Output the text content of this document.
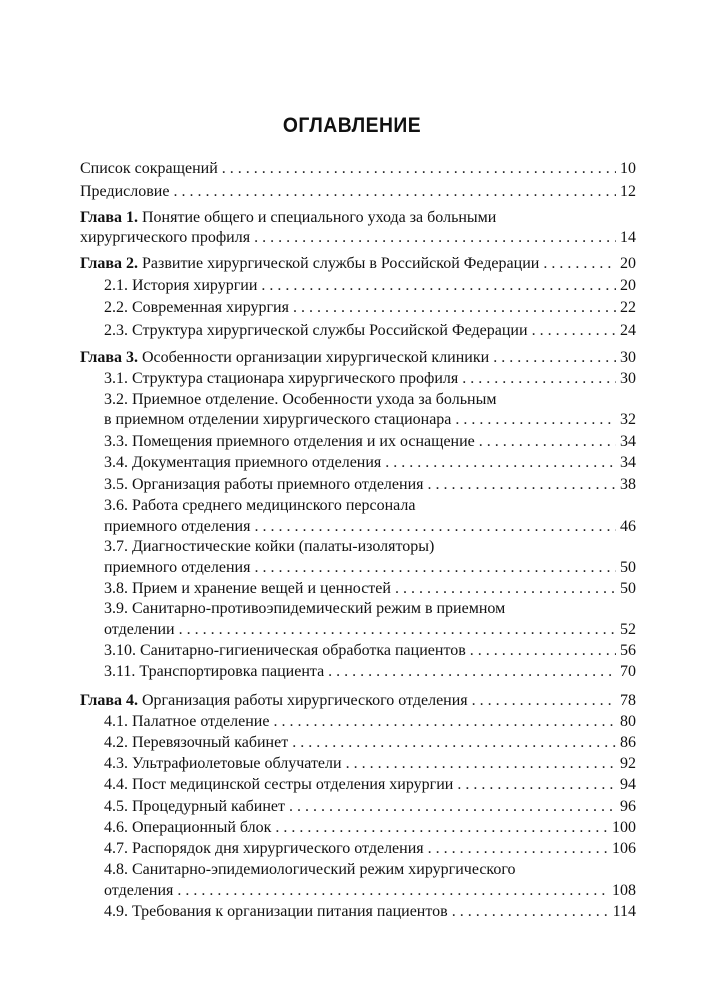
ОГЛАВЛЕНИЕ
Список сокращений . . .	10
Предисловие . . .	12
Глава 1. Понятие общего и специального ухода за больными
хирургического профиля . . .	14
Глава 2. Развитие хирургической службы в Российской Федерации . . .	20
2.1. История хирургии . . .	20
2.2. Современная хирургия . . .	22
2.3. Структура хирургической службы Российской Федерации . . .	24
Глава 3. Особенности организации хирургической клиники . . .	30
3.1. Структура стационара хирургического профиля . . .	30
3.2. Приемное отделение. Особенности ухода за больным
в приемном отделении хирургического стационара . . .	32
3.3. Помещения приемного отделения и их оснащение . . .	34
3.4. Документация приемного отделения . . .	34
3.5. Организация работы приемного отделения . . .	38
3.6. Работа среднего медицинского персонала
приемного отделения . . .	46
3.7. Диагностические койки (палаты-изоляторы)
приемного отделения . . .	50
3.8. Прием и хранение вещей и ценностей . . .	50
3.9. Санитарно-противоэпидемический режим в приемном
отделении . . .	52
3.10. Санитарно-гигиеническая обработка пациентов . . .	56
3.11. Транспортировка пациента . . .	70
Глава 4. Организация работы хирургического отделения . . .	78
4.1. Палатное отделение . . .	80
4.2. Перевязочный кабинет . . .	86
4.3. Ультрафиолетовые облучатели . . .	92
4.4. Пост медицинской сестры отделения хирургии . . .	94
4.5. Процедурный кабинет . . .	96
4.6. Операционный блок . . .	100
4.7. Распорядок дня хирургического отделения . . .	106
4.8. Санитарно-эпидемиологический режим хирургического
отделения . . .	108
4.9. Требования к организации питания пациентов . . .	114
